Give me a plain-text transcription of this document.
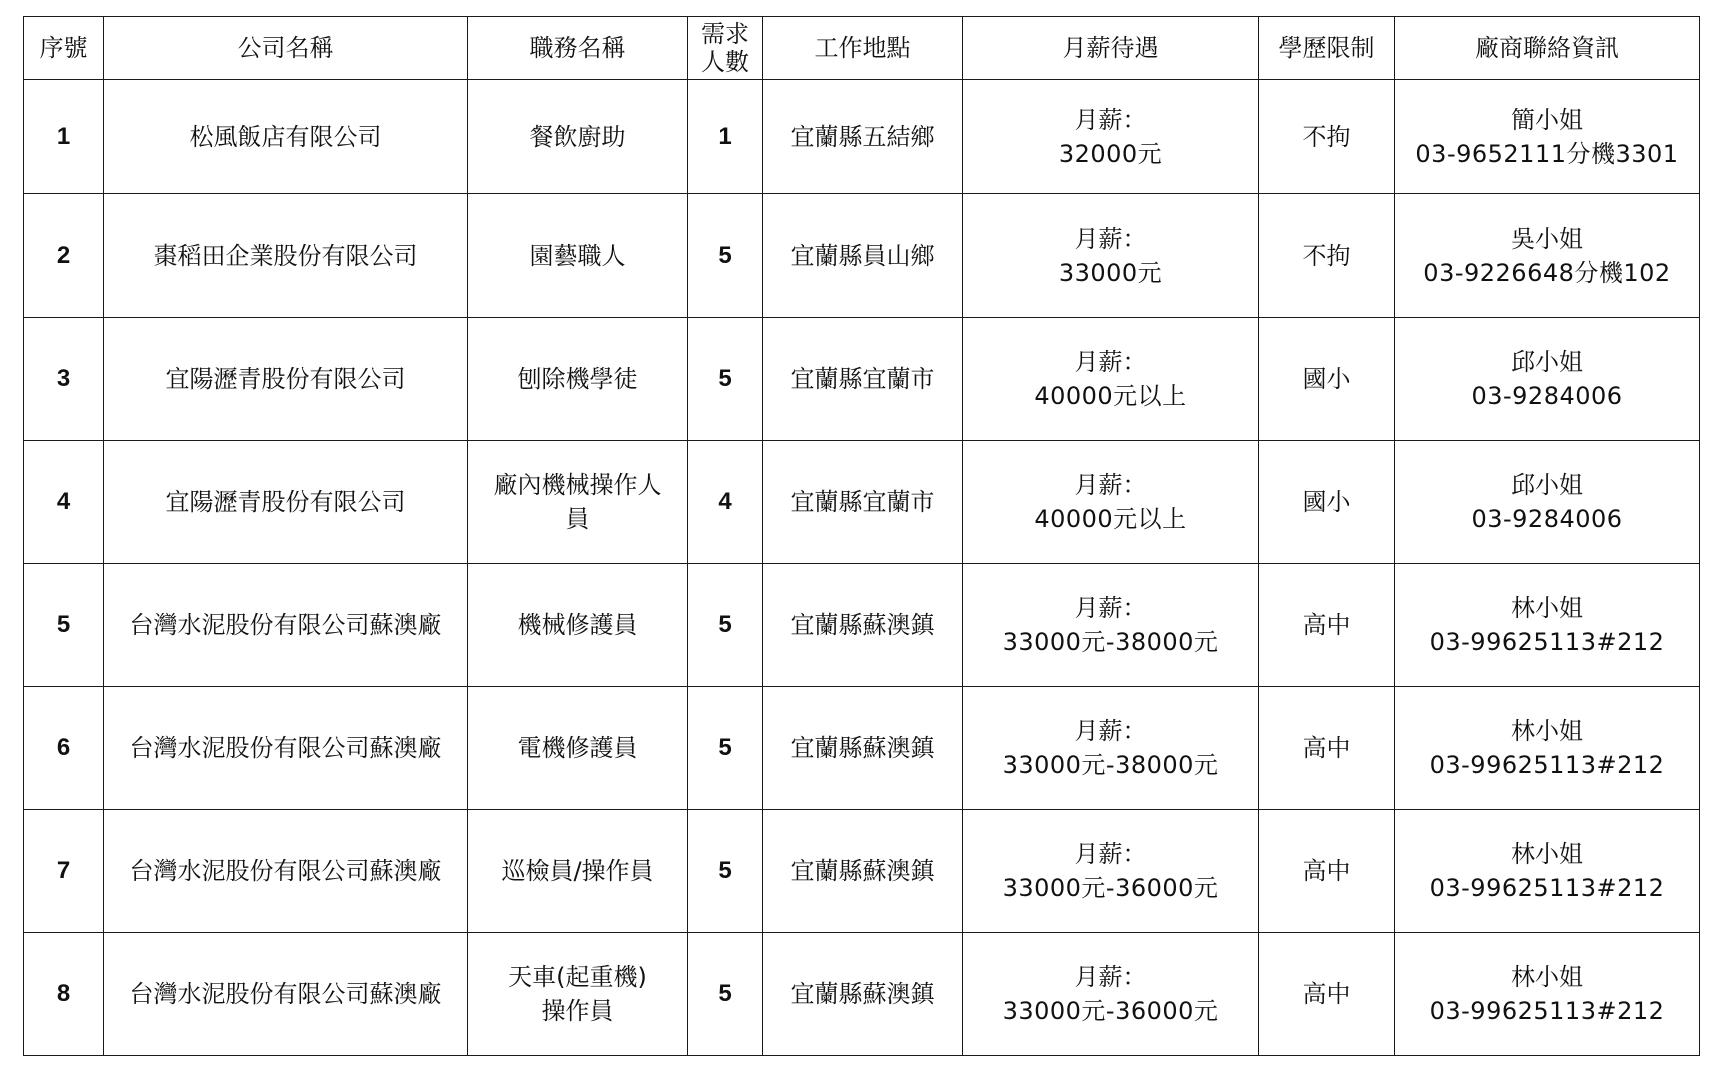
序號	公司名稱	職務名稱	需求 人數	工作地點	月薪待遇	學歷限制	廠商聯絡資訊
1	松風飯店有限公司	餐飲廚助	1	宜蘭縣五結鄉	月薪：
32000元	不拘	簡小姐
03-9652111分機3301

2	棗稻田企業股份有限公司	園藝職人	5	宜蘭縣員山鄉	月薪：
33000元	不拘	吳小姐
03-9226648分機102

3	宜陽瀝青股份有限公司	刨除機學徒	5	宜蘭縣宜蘭市	月薪：
40000元以上	國小	邱小姐
03-9284006

4	宜陽瀝青股份有限公司	廠內機械操作人
員	4	宜蘭縣宜蘭市	月薪：
40000元以上	國小	邱小姐
03-9284006

5	台灣水泥股份有限公司蘇澳廠	機械修護員	5	宜蘭縣蘇澳鎮	月薪：
33000元-38000元	高中	林小姐
03-99625113#212

6	台灣水泥股份有限公司蘇澳廠	電機修護員	5	宜蘭縣蘇澳鎮	月薪：
33000元-38000元	高中	林小姐
03-99625113#212

7	台灣水泥股份有限公司蘇澳廠	巡檢員/操作員	5	宜蘭縣蘇澳鎮	月薪：
33000元-36000元	高中	林小姐
03-99625113#212

8	台灣水泥股份有限公司蘇澳廠	天車(起重機)
操作員	5	宜蘭縣蘇澳鎮	月薪：
33000元-36000元	高中	林小姐
03-99625113#212
